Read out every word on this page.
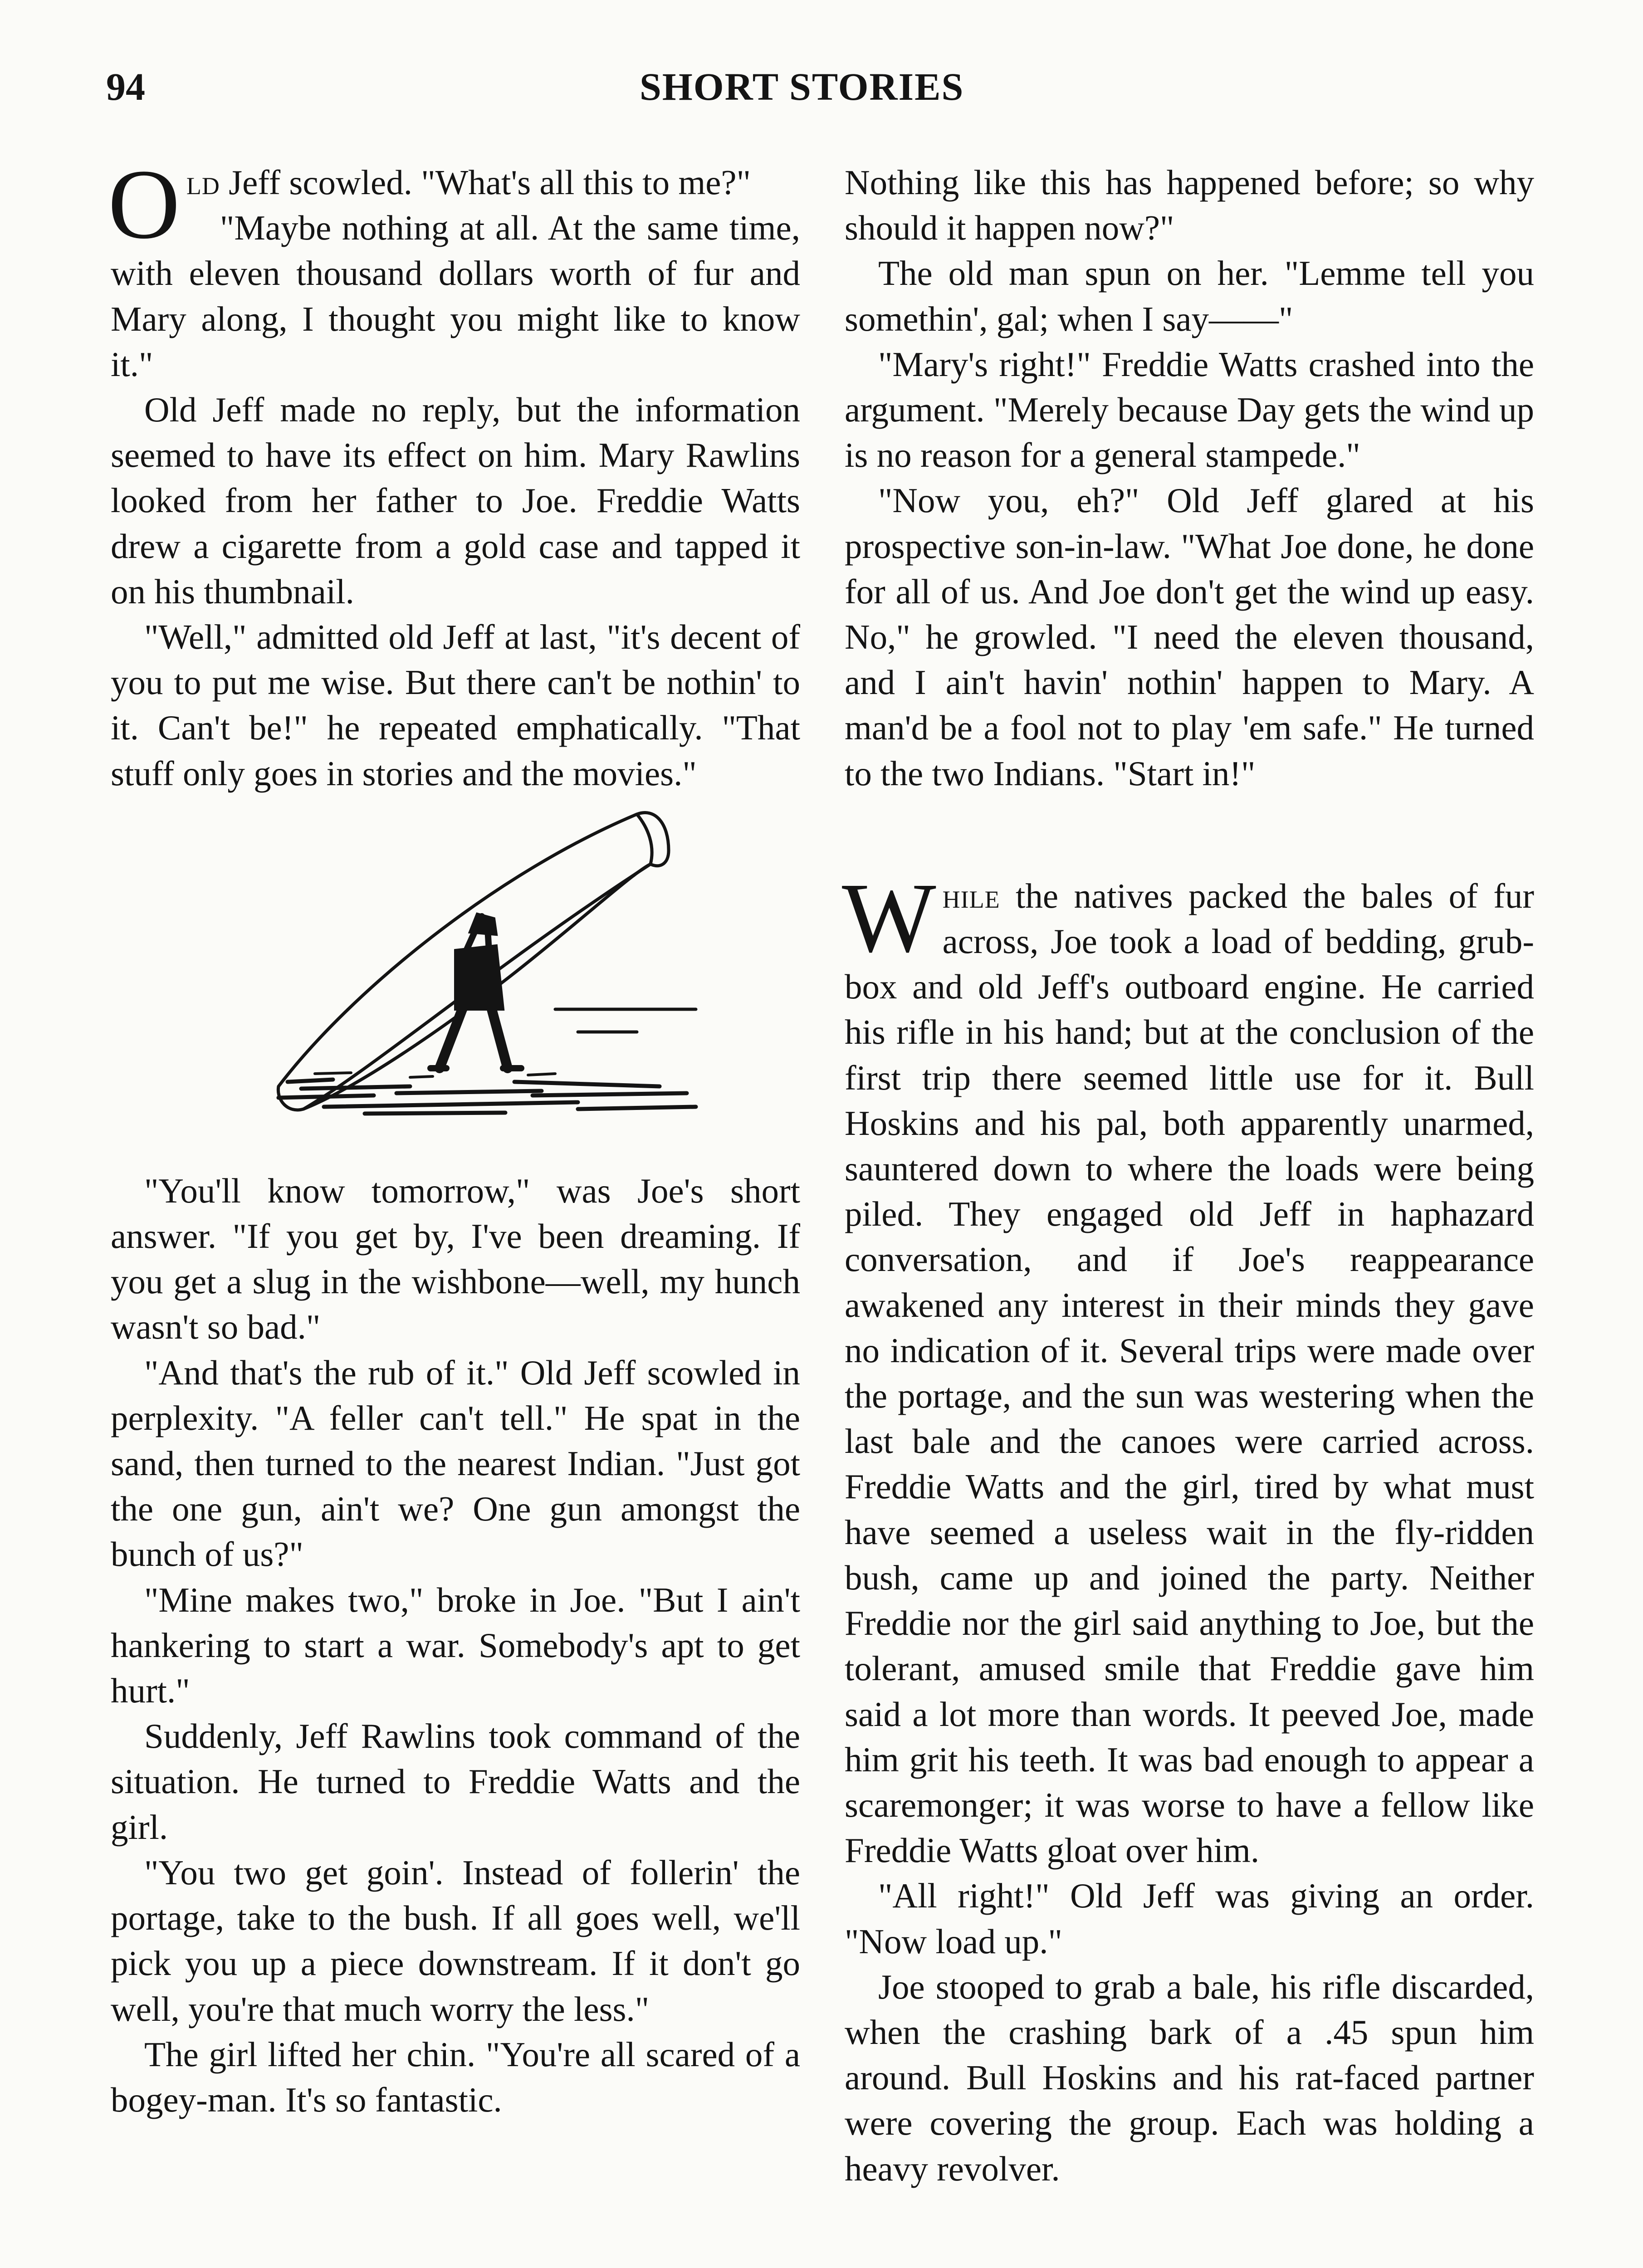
94	SHORT STORIES

Old Jeff scowled. "What's all this to me?"

"Maybe nothing at all. At the same time, with eleven thousand dollars worth of fur and Mary along, I thought you might like to know it."

Old Jeff made no reply, but the information seemed to have its effect on him. Mary Rawlins looked from her father to Joe. Freddie Watts drew a cigarette from a gold case and tapped it on his thumbnail.

"Well," admitted old Jeff at last, "it's decent of you to put me wise. But there can't be nothin' to it. Can't be!" he repeated emphatically. "That stuff only goes in stories and the movies."

"You'll know tomorrow," was Joe's short answer. "If you get by, I've been dreaming. If you get a slug in the wishbone—well, my hunch wasn't so bad."

"And that's the rub of it." Old Jeff scowled in perplexity. "A feller can't tell." He spat in the sand, then turned to the nearest Indian. "Just got the one gun, ain't we? One gun amongst the bunch of us?"

"Mine makes two," broke in Joe. "But I ain't hankering to start a war. Somebody's apt to get hurt."

Suddenly, Jeff Rawlins took command of the situation. He turned to Freddie Watts and the girl.

"You two get goin'. Instead of follerin' the portage, take to the bush. If all goes well, we'll pick you up a piece downstream. If it don't go well, you're that much worry the less."

The girl lifted her chin. "You're all scared of a bogey-man. It's so fantastic.

Nothing like this has happened before; so why should it happen now?"

The old man spun on her. "Lemme tell you somethin', gal; when I say——"

"Mary's right!" Freddie Watts crashed into the argument. "Merely because Day gets the wind up is no reason for a general stampede."

"Now you, eh?" Old Jeff glared at his prospective son-in-law. "What Joe done, he done for all of us. And Joe don't get the wind up easy. No," he growled. "I need the eleven thousand, and I ain't havin' nothin' happen to Mary. A man'd be a fool not to play 'em safe." He turned to the two Indians. "Start in!"

While the natives packed the bales of fur across, Joe took a load of bedding, grub-box and old Jeff's outboard engine. He carried his rifle in his hand; but at the conclusion of the first trip there seemed little use for it. Bull Hoskins and his pal, both apparently unarmed, sauntered down to where the loads were being piled. They engaged old Jeff in haphazard conversation, and if Joe's reappearance awakened any interest in their minds they gave no indication of it. Several trips were made over the portage, and the sun was westering when the last bale and the canoes were carried across. Freddie Watts and the girl, tired by what must have seemed a useless wait in the fly-ridden bush, came up and joined the party. Neither Freddie nor the girl said anything to Joe, but the tolerant, amused smile that Freddie gave him said a lot more than words. It peeved Joe, made him grit his teeth. It was bad enough to appear a scaremonger; it was worse to have a fellow like Freddie Watts gloat over him.

"All right!" Old Jeff was giving an order. "Now load up."

Joe stooped to grab a bale, his rifle discarded, when the crashing bark of a .45 spun him around. Bull Hoskins and his rat-faced partner were covering the group. Each was holding a heavy revolver.
